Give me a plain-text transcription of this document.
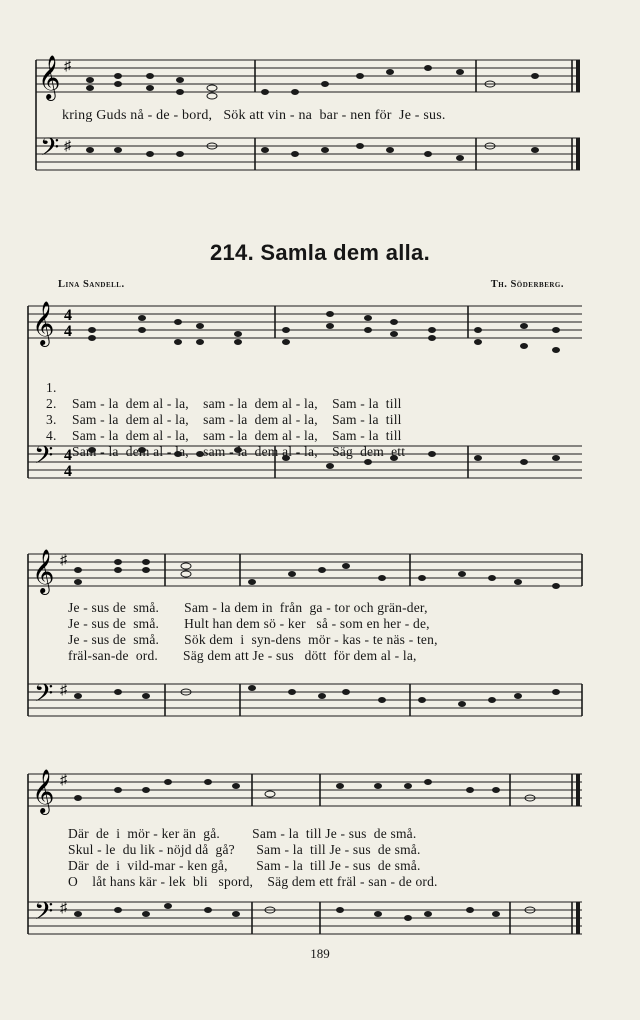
𝄞
𝄢
♯
♯
kring Guds nå - de - bord,   Sök att vin - na  bar - nen för  Je - sus.
214. Samla dem alla.
Lina Sandell.	Th. Söderberg.
𝄞
𝄢
4
4
4
4

1.

Sam - la  dem al - la,    sam - la  dem al - la,    Sam - la  till

2.

Sam - la  dem al - la,    sam - la  dem al - la,    Sam - la  till

3.

Sam - la  dem al - la,    sam - la  dem al - la,    Sam - la  till

4.

Sam - la  dem al - la,    sam - la  dem al - la,    Säg  dem  ett

𝄞
𝄢
♯
♯
Je - sus de  små.       Sam - la dem in  från  ga - tor och grän-der,
Je - sus de  små.       Hult han dem sö - ker   så - som en her - de,
Je - sus de  små.       Sök dem  i  syn-dens  mör - kas - te näs - ten,
fräl-san-de  ord.       Säg dem att Je - sus   dött  för dem al - la,
𝄞
𝄢
♯
♯
Där  de  i  mör - ker än  gå.         Sam - la  till Je - sus  de små.
Skul - le  du lik - nöjd då  gå?      Sam - la  till Je - sus  de små.
Där  de  i  vild-mar - ken gå,        Sam - la  till Je - sus  de små.
O    låt hans kär - lek  bli   spord,    Säg dem ett fräl - san - de ord.
189
